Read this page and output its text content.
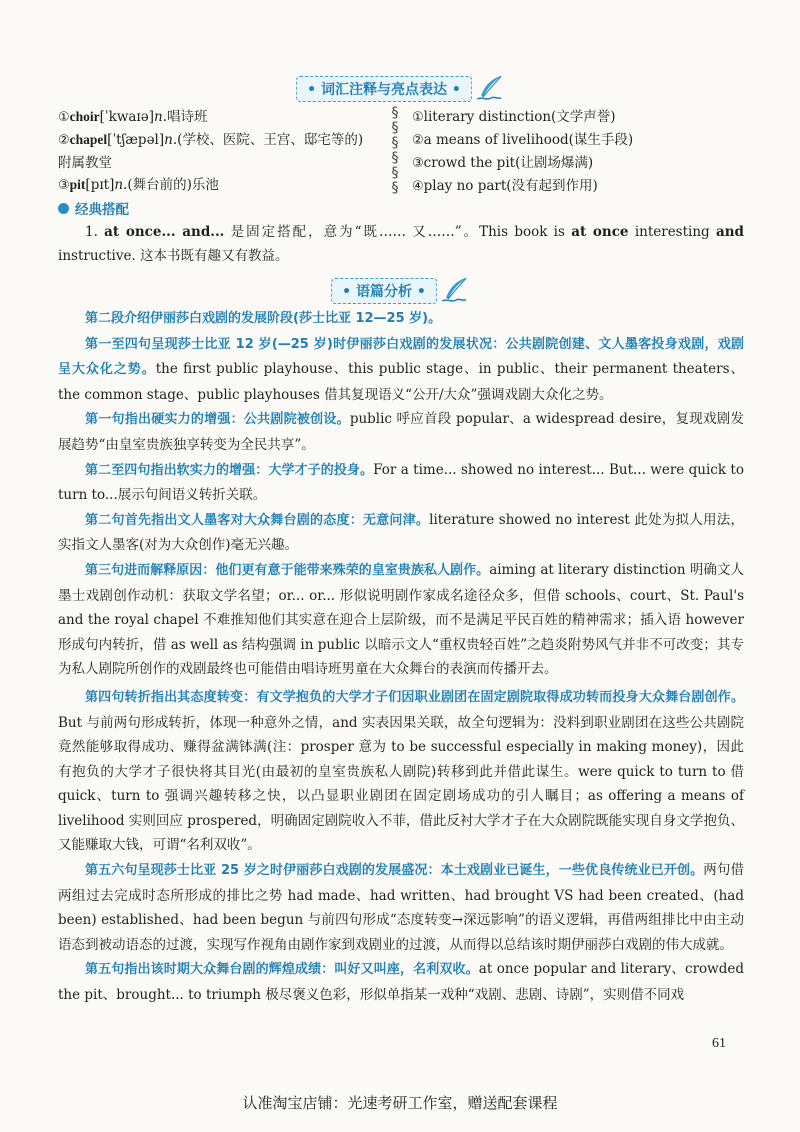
• 词汇注释与亮点表达 •
①choir[ˈkwaɪə]n.唱诗班
②chapel[ˈtʃæpəl]n.(学校、医院、王宫、邸宅等的)附属教堂
③pit[pɪt]n.(舞台前的)乐池
§
§
§
§
§
§
①literary distinction(文学声誉)
②a means of livelihood(谋生手段)
③crowd the pit(让剧场爆满)
④play no part(没有起到作用)
经典搭配
1. at once... and... 是固定搭配，意为“既…… 又……”。This book is at once interesting and instructive. 这本书既有趣又有教益。
• 语篇分析 •

第二段介绍伊丽莎白戏剧的发展阶段(莎士比亚 12—25 岁)。

第一至四句呈现莎士比亚 12 岁(—25 岁)时伊丽莎白戏剧的发展状况：公共剧院创建、文人墨客投身戏剧，戏剧呈大众化之势。the first public playhouse、this public stage、in public、their permanent theaters、the common stage、public playhouses 借其复现语义“公开/大众”强调戏剧大众化之势。

第一句指出硬实力的增强：公共剧院被创设。public 呼应首段 popular、a widespread desire，复现戏剧发展趋势“由皇室贵族独享转变为全民共享”。

第二至四句指出软实力的增强：大学才子的投身。For a time... showed no interest... But... were quick to turn to...展示句间语义转折关联。

第二句首先指出文人墨客对大众舞台剧的态度：无意问津。literature showed no interest 此处为拟人用法，实指文人墨客(对为大众创作)毫无兴趣。

第三句进而解释原因：他们更有意于能带来殊荣的皇室贵族私人剧作。aiming at literary distinction 明确文人墨士戏剧创作动机：获取文学名望；or... or... 形似说明剧作家成名途径众多，但借 schools、court、St. Paul's and the royal chapel 不难推知他们其实意在迎合上层阶级，而不是满足平民百姓的精神需求；插入语 however 形成句内转折，借 as well as 结构强调 in public 以暗示文人“重权贵轻百姓”之趋炎附势风气并非不可改变；其专为私人剧院所创作的戏剧最终也可能借由唱诗班男童在大众舞台的表演而传播开去。

第四句转折指出其态度转变：有文学抱负的大学才子们因职业剧团在固定剧院取得成功转而投身大众舞台剧创作。But 与前两句形成转折，体现一种意外之情，and 实表因果关联，故全句逻辑为：没料到职业剧团在这些公共剧院竟然能够取得成功、赚得盆满钵满(注：prosper 意为 to be successful especially in making money)，因此有抱负的大学才子很快将其目光(由最初的皇室贵族私人剧院)转移到此并借此谋生。were quick to turn to 借 quick、turn to 强调兴趣转移之快，以凸显职业剧团在固定剧场成功的引人瞩目；as offering a means of livelihood 实则回应 prospered，明确固定剧院收入不菲，借此反衬大学才子在大众剧院既能实现自身文学抱负、又能赚取大钱，可谓“名利双收”。

第五六句呈现莎士比亚 25 岁之时伊丽莎白戏剧的发展盛况：本土戏剧业已诞生，一些优良传统业已开创。两句借两组过去完成时态所形成的排比之势 had made、had written、had brought VS had been created、(had been) established、had been begun 与前四句形成“态度转变→深远影响”的语义逻辑，再借两组排比中由主动语态到被动语态的过渡，实现写作视角由剧作家到戏剧业的过渡，从而得以总结该时期伊丽莎白戏剧的伟大成就。

第五句指出该时期大众舞台剧的辉煌成绩：叫好又叫座，名利双收。at once popular and literary、crowded the pit、brought... to triumph 极尽褒义色彩，形似单指某一戏种“戏剧、悲剧、诗剧”，实则借不同戏

61
认准淘宝店铺：光速考研工作室，赠送配套课程
